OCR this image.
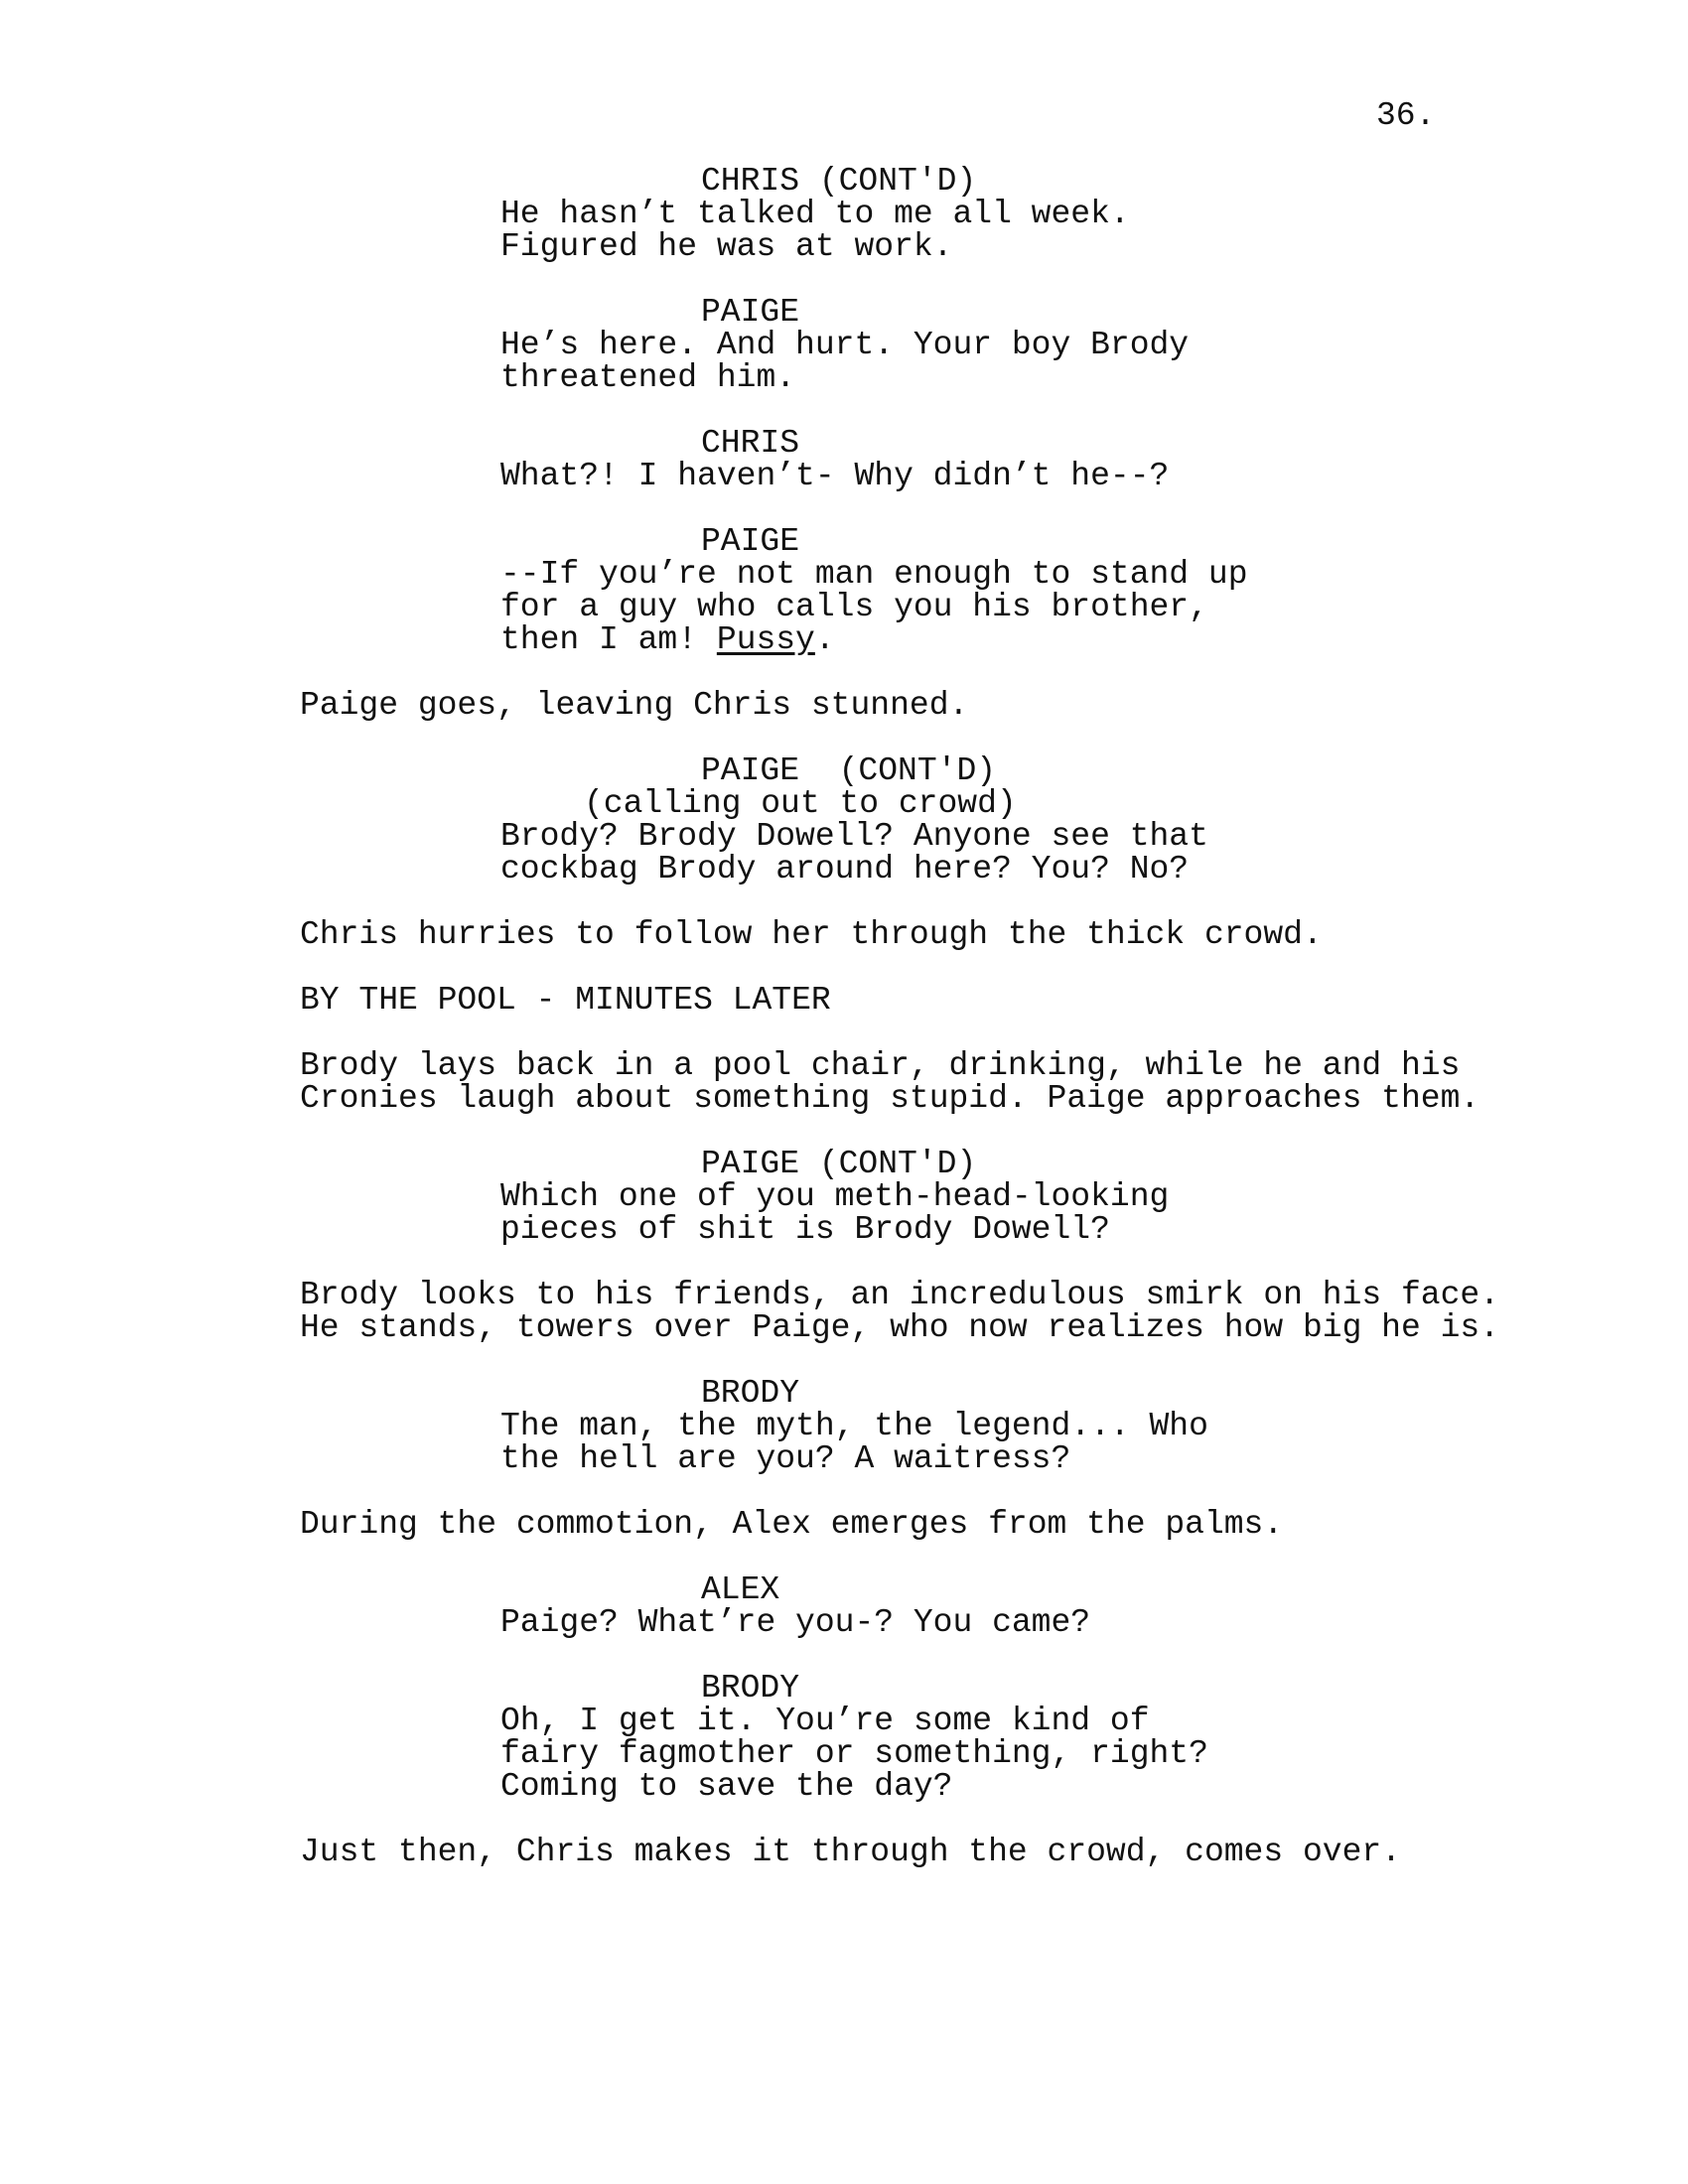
36.
CHRIS (CONT'D)
He hasn’t talked to me all week.
Figured he was at work.
PAIGE
He’s here. And hurt. Your boy Brody
threatened him.
CHRIS
What?! I haven’t- Why didn’t he--?
PAIGE
--If you’re not man enough to stand up
for a guy who calls you his brother,
then I am! Pussy.
Paige goes, leaving Chris stunned.
PAIGE  (CONT'D)
(calling out to crowd)
Brody? Brody Dowell? Anyone see that
cockbag Brody around here? You? No?
Chris hurries to follow her through the thick crowd.
BY THE POOL - MINUTES LATER
Brody lays back in a pool chair, drinking, while he and his
Cronies laugh about something stupid. Paige approaches them.
PAIGE (CONT'D)
Which one of you meth-head-looking
pieces of shit is Brody Dowell?
Brody looks to his friends, an incredulous smirk on his face.
He stands, towers over Paige, who now realizes how big he is.
BRODY
The man, the myth, the legend... Who
the hell are you? A waitress?
During the commotion, Alex emerges from the palms.
ALEX
Paige? What’re you-? You came?
BRODY
Oh, I get it. You’re some kind of
fairy fagmother or something, right?
Coming to save the day?
Just then, Chris makes it through the crowd, comes over.
